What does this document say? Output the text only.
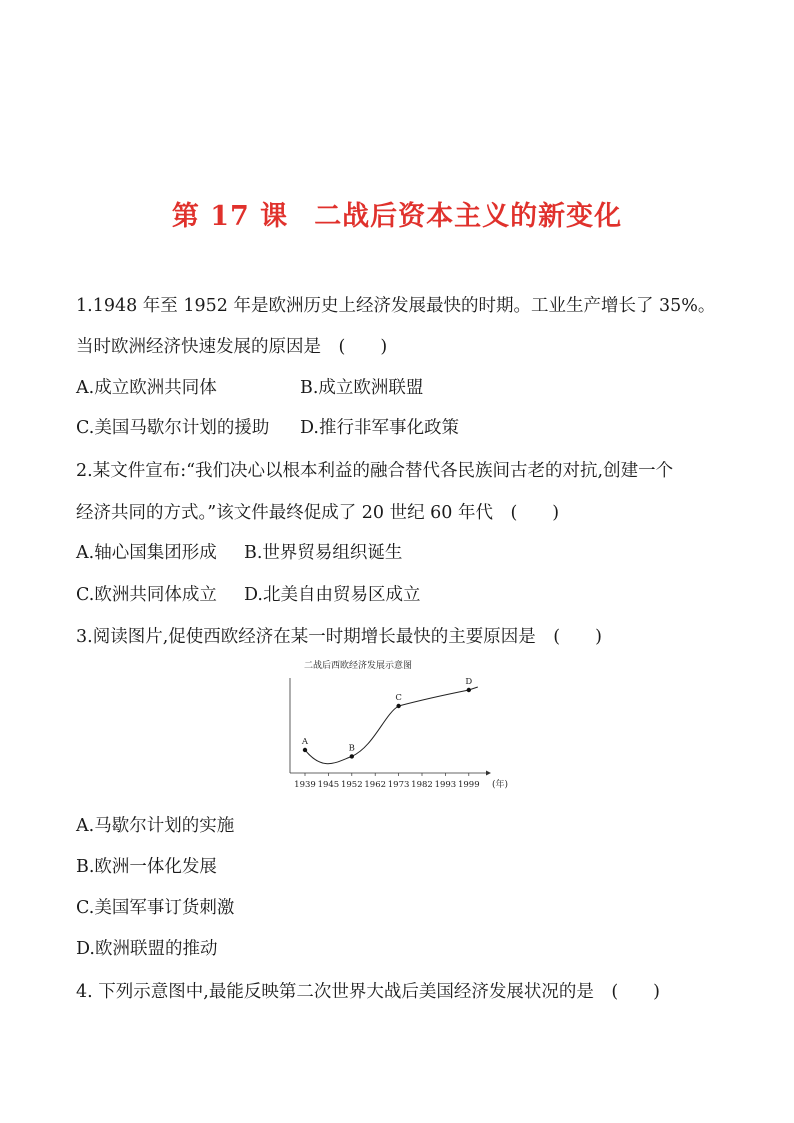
第 17 课 二战后资本主义的新变化
1.1948 年至 1952 年是欧洲历史上经济发展最快的时期。工业生产增长了 35%。
当时欧洲经济快速发展的原因是　(　　)
A.成立欧洲共同体	B.成立欧洲联盟
C.美国马歇尔计划的援助 D.推行非军事化政策
2.某文件宣布:“我们决心以根本利益的融合替代各民族间古老的对抗,创建一个
经济共同的方式。”该文件最终促成了 20 世纪 60 年代　(　　)
A.轴心国集团形成 B.世界贸易组织诞生
C.欧洲共同体成立 D.北美自由贸易区成立
3.阅读图片,促使西欧经济在某一时期增长最快的主要原因是　(　　)
二战后西欧经济发展示意图
1939 1945 1952 1962 1973 1982 1993 1999 (年)
A
B
C
D
A.马歇尔计划的实施
B.欧洲一体化发展
C.美国军事订货刺激
D.欧洲联盟的推动
4. 下列示意图中,最能反映第二次世界大战后美国经济发展状况的是　(　　)
